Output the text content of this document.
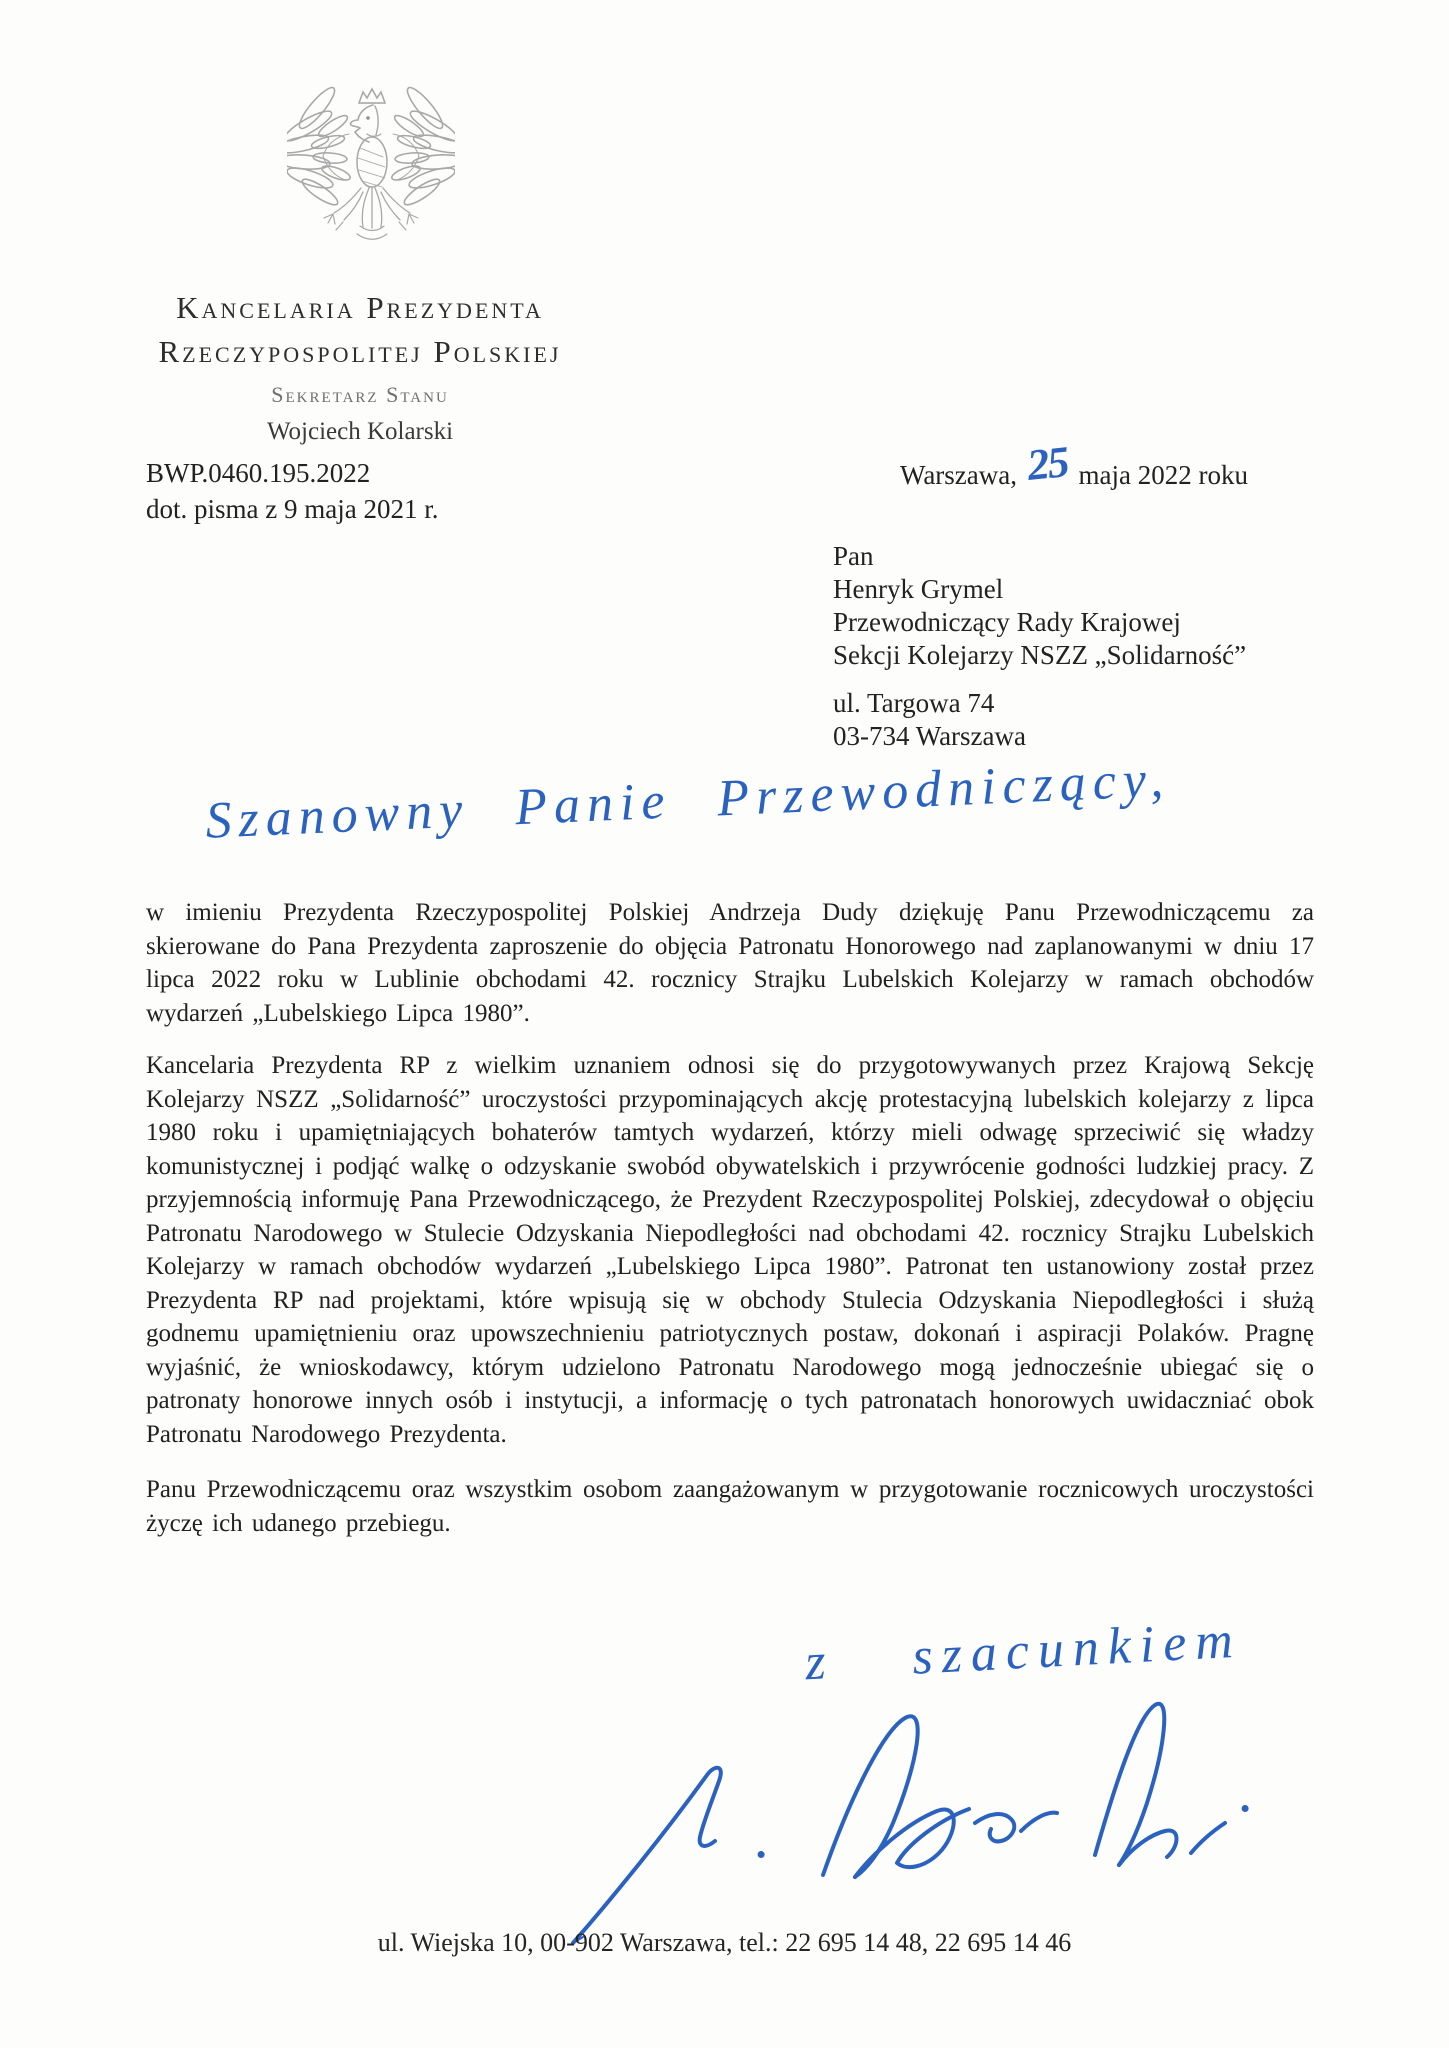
Kancelaria Prezydenta
Rzeczypospolitej Polskiej
Sekretarz Stanu
Wojciech Kolarski
BWP.0460.195.2022
dot. pisma z 9 maja 2021 r.
Warszawa, 25 maja 2022 roku
Pan
Henryk Grymel
Przewodniczący Rady Krajowej
Sekcji Kolejarzy NSZZ „Solidarność”
ul. Targowa 74
03-734 Warszawa
Szanowny Panie Przewodniczący,

w imieniu Prezydenta Rzeczypospolitej Polskiej Andrzeja Dudy dziękuję Panu Przewodniczącemu za skierowane do Pana Prezydenta zaproszenie do objęcia Patronatu Honorowego nad zaplanowanymi w dniu 17 lipca 2022 roku w Lublinie obchodami 42. rocznicy Strajku Lubelskich Kolejarzy w ramach obchodów wydarzeń „Lubelskiego Lipca 1980”.

Kancelaria Prezydenta RP z wielkim uznaniem odnosi się do przygotowywanych przez Krajową Sekcję Kolejarzy NSZZ „Solidarność” uroczystości przypominających akcję protestacyjną lubelskich kolejarzy z lipca 1980 roku i upamiętniających bohaterów tamtych wydarzeń, którzy mieli odwagę sprzeciwić się władzy komunistycznej i podjąć walkę o odzyskanie swobód obywatelskich i przywrócenie godności ludzkiej pracy. Z przyjemnością informuję Pana Przewodniczącego, że Prezydent Rzeczypospolitej Polskiej, zdecydował o objęciu Patronatu Narodowego w Stulecie Odzyskania Niepodległości nad obchodami 42. rocznicy Strajku Lubelskich Kolejarzy w ramach obchodów wydarzeń „Lubelskiego Lipca 1980”. Patronat ten ustanowiony został przez Prezydenta RP nad projektami, które wpisują się w obchody Stulecia Odzyskania Niepodległości i służą godnemu upamiętnieniu oraz upowszechnieniu patriotycznych postaw, dokonań i aspiracji Polaków. Pragnę wyjaśnić, że wnioskodawcy, którym udzielono Patronatu Narodowego mogą jednocześnie ubiegać się o patronaty honorowe innych osób i instytucji, a informację o tych patronatach honorowych uwidaczniać obok Patronatu Narodowego Prezydenta.

Panu Przewodniczącemu oraz wszystkim osobom zaangażowanym w przygotowanie rocznicowych uroczystości życzę ich udanego przebiegu.

z szacunkiem
ul. Wiejska 10, 00-902 Warszawa, tel.: 22 695 14 48, 22 695 14 46
